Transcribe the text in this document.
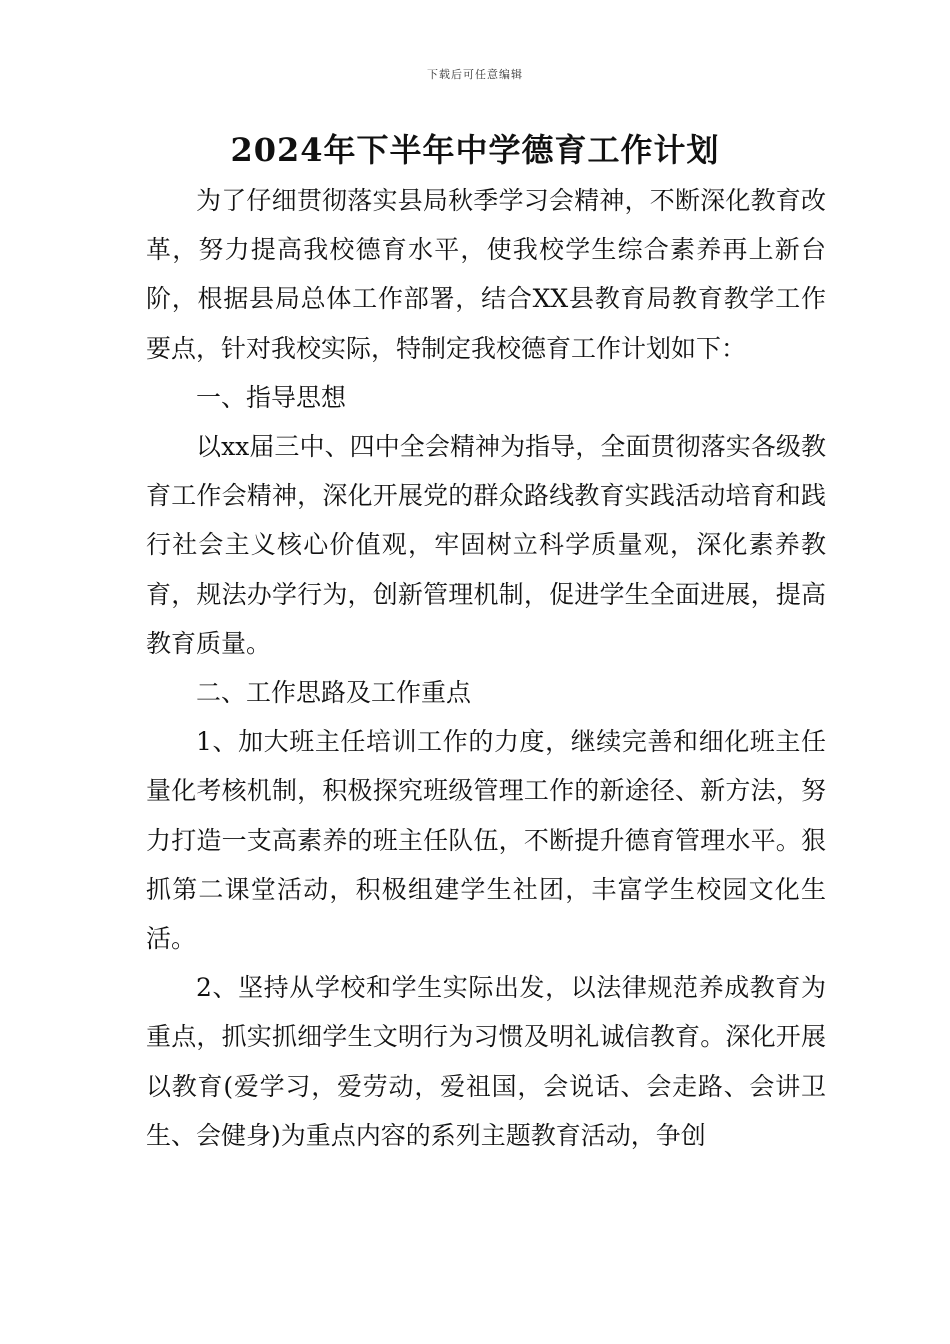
下载后可任意编辑
2024年下半年中学德育工作计划

为了仔细贯彻落实县局秋季学习会精神，不断深化教育改革，努力提高我校德育水平，使我校学生综合素养再上新台阶，根据县局总体工作部署，结合XX县教育局教育教学工作要点，针对我校实际，特制定我校德育工作计划如下：

一、指导思想

以xx届三中、四中全会精神为指导，全面贯彻落实各级教育工作会精神，深化开展党的群众路线教育实践活动培育和践行社会主义核心价值观，牢固树立科学质量观，深化素养教育，规法办学行为，创新管理机制，促进学生全面进展，提高教育质量。

二、工作思路及工作重点

1、加大班主任培训工作的力度，继续完善和细化班主任量化考核机制，积极探究班级管理工作的新途径、新方法，努力打造一支高素养的班主任队伍，不断提升德育管理水平。狠抓第二课堂活动，积极组建学生社团，丰富学生校园文化生活。

2、坚持从学校和学生实际出发，以法律规范养成教育为重点，抓实抓细学生文明行为习惯及明礼诚信教育。深化开展以教育(爱学习，爱劳动，爱祖国，会说话、会走路、会讲卫生、会健身)为重点内容的系列主题教育活动，争创
